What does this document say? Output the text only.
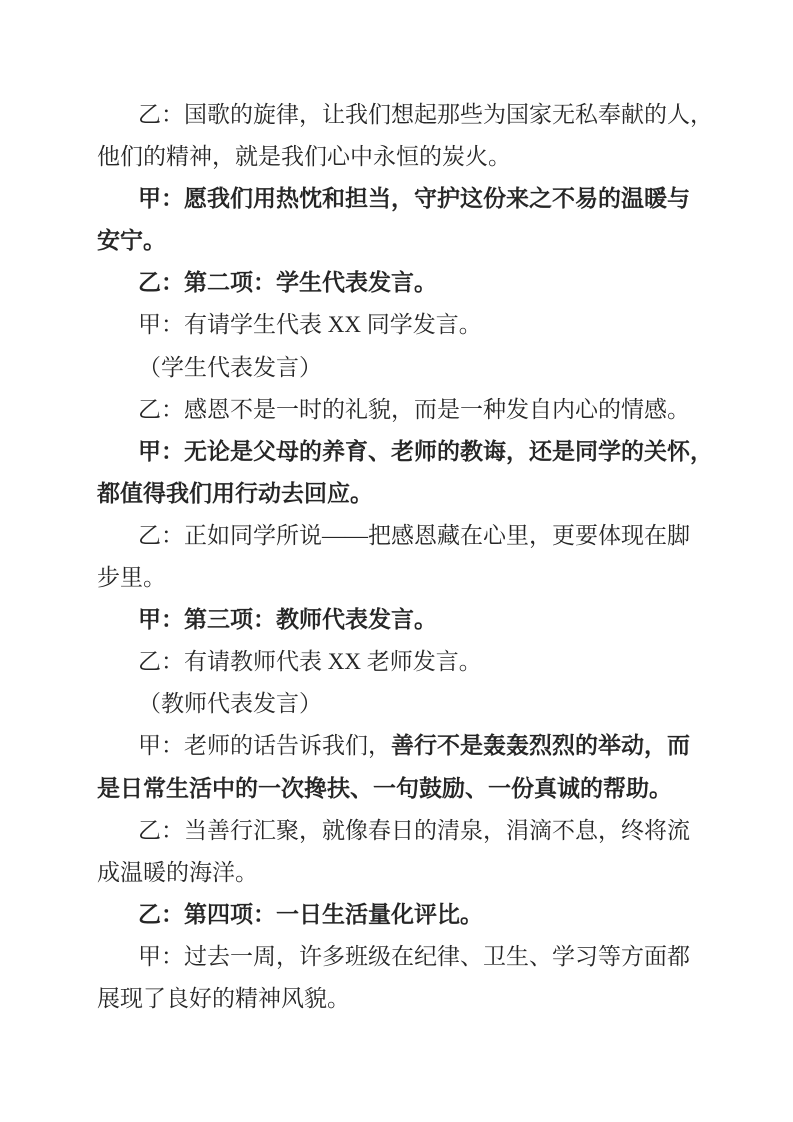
乙：国歌的旋律，让我们想起那些为国家无私奉献的人，
他们的精神，就是我们心中永恒的炭火。
甲：愿我们用热忱和担当，守护这份来之不易的温暖与
安宁。
乙：第二项：学生代表发言。
甲：有请学生代表 XX 同学发言。
（学生代表发言）
乙：感恩不是一时的礼貌，而是一种发自内心的情感。
甲：无论是父母的养育、老师的教诲，还是同学的关怀，
都值得我们用行动去回应。
乙：正如同学所说——把感恩藏在心里，更要体现在脚
步里。
甲：第三项：教师代表发言。
乙：有请教师代表 XX 老师发言。
（教师代表发言）
甲：老师的话告诉我们，善行不是轰轰烈烈的举动，而
是日常生活中的一次搀扶、一句鼓励、一份真诚的帮助。
乙：当善行汇聚，就像春日的清泉，涓滴不息，终将流
成温暖的海洋。
乙：第四项：一日生活量化评比。
甲：过去一周，许多班级在纪律、卫生、学习等方面都
展现了良好的精神风貌。
